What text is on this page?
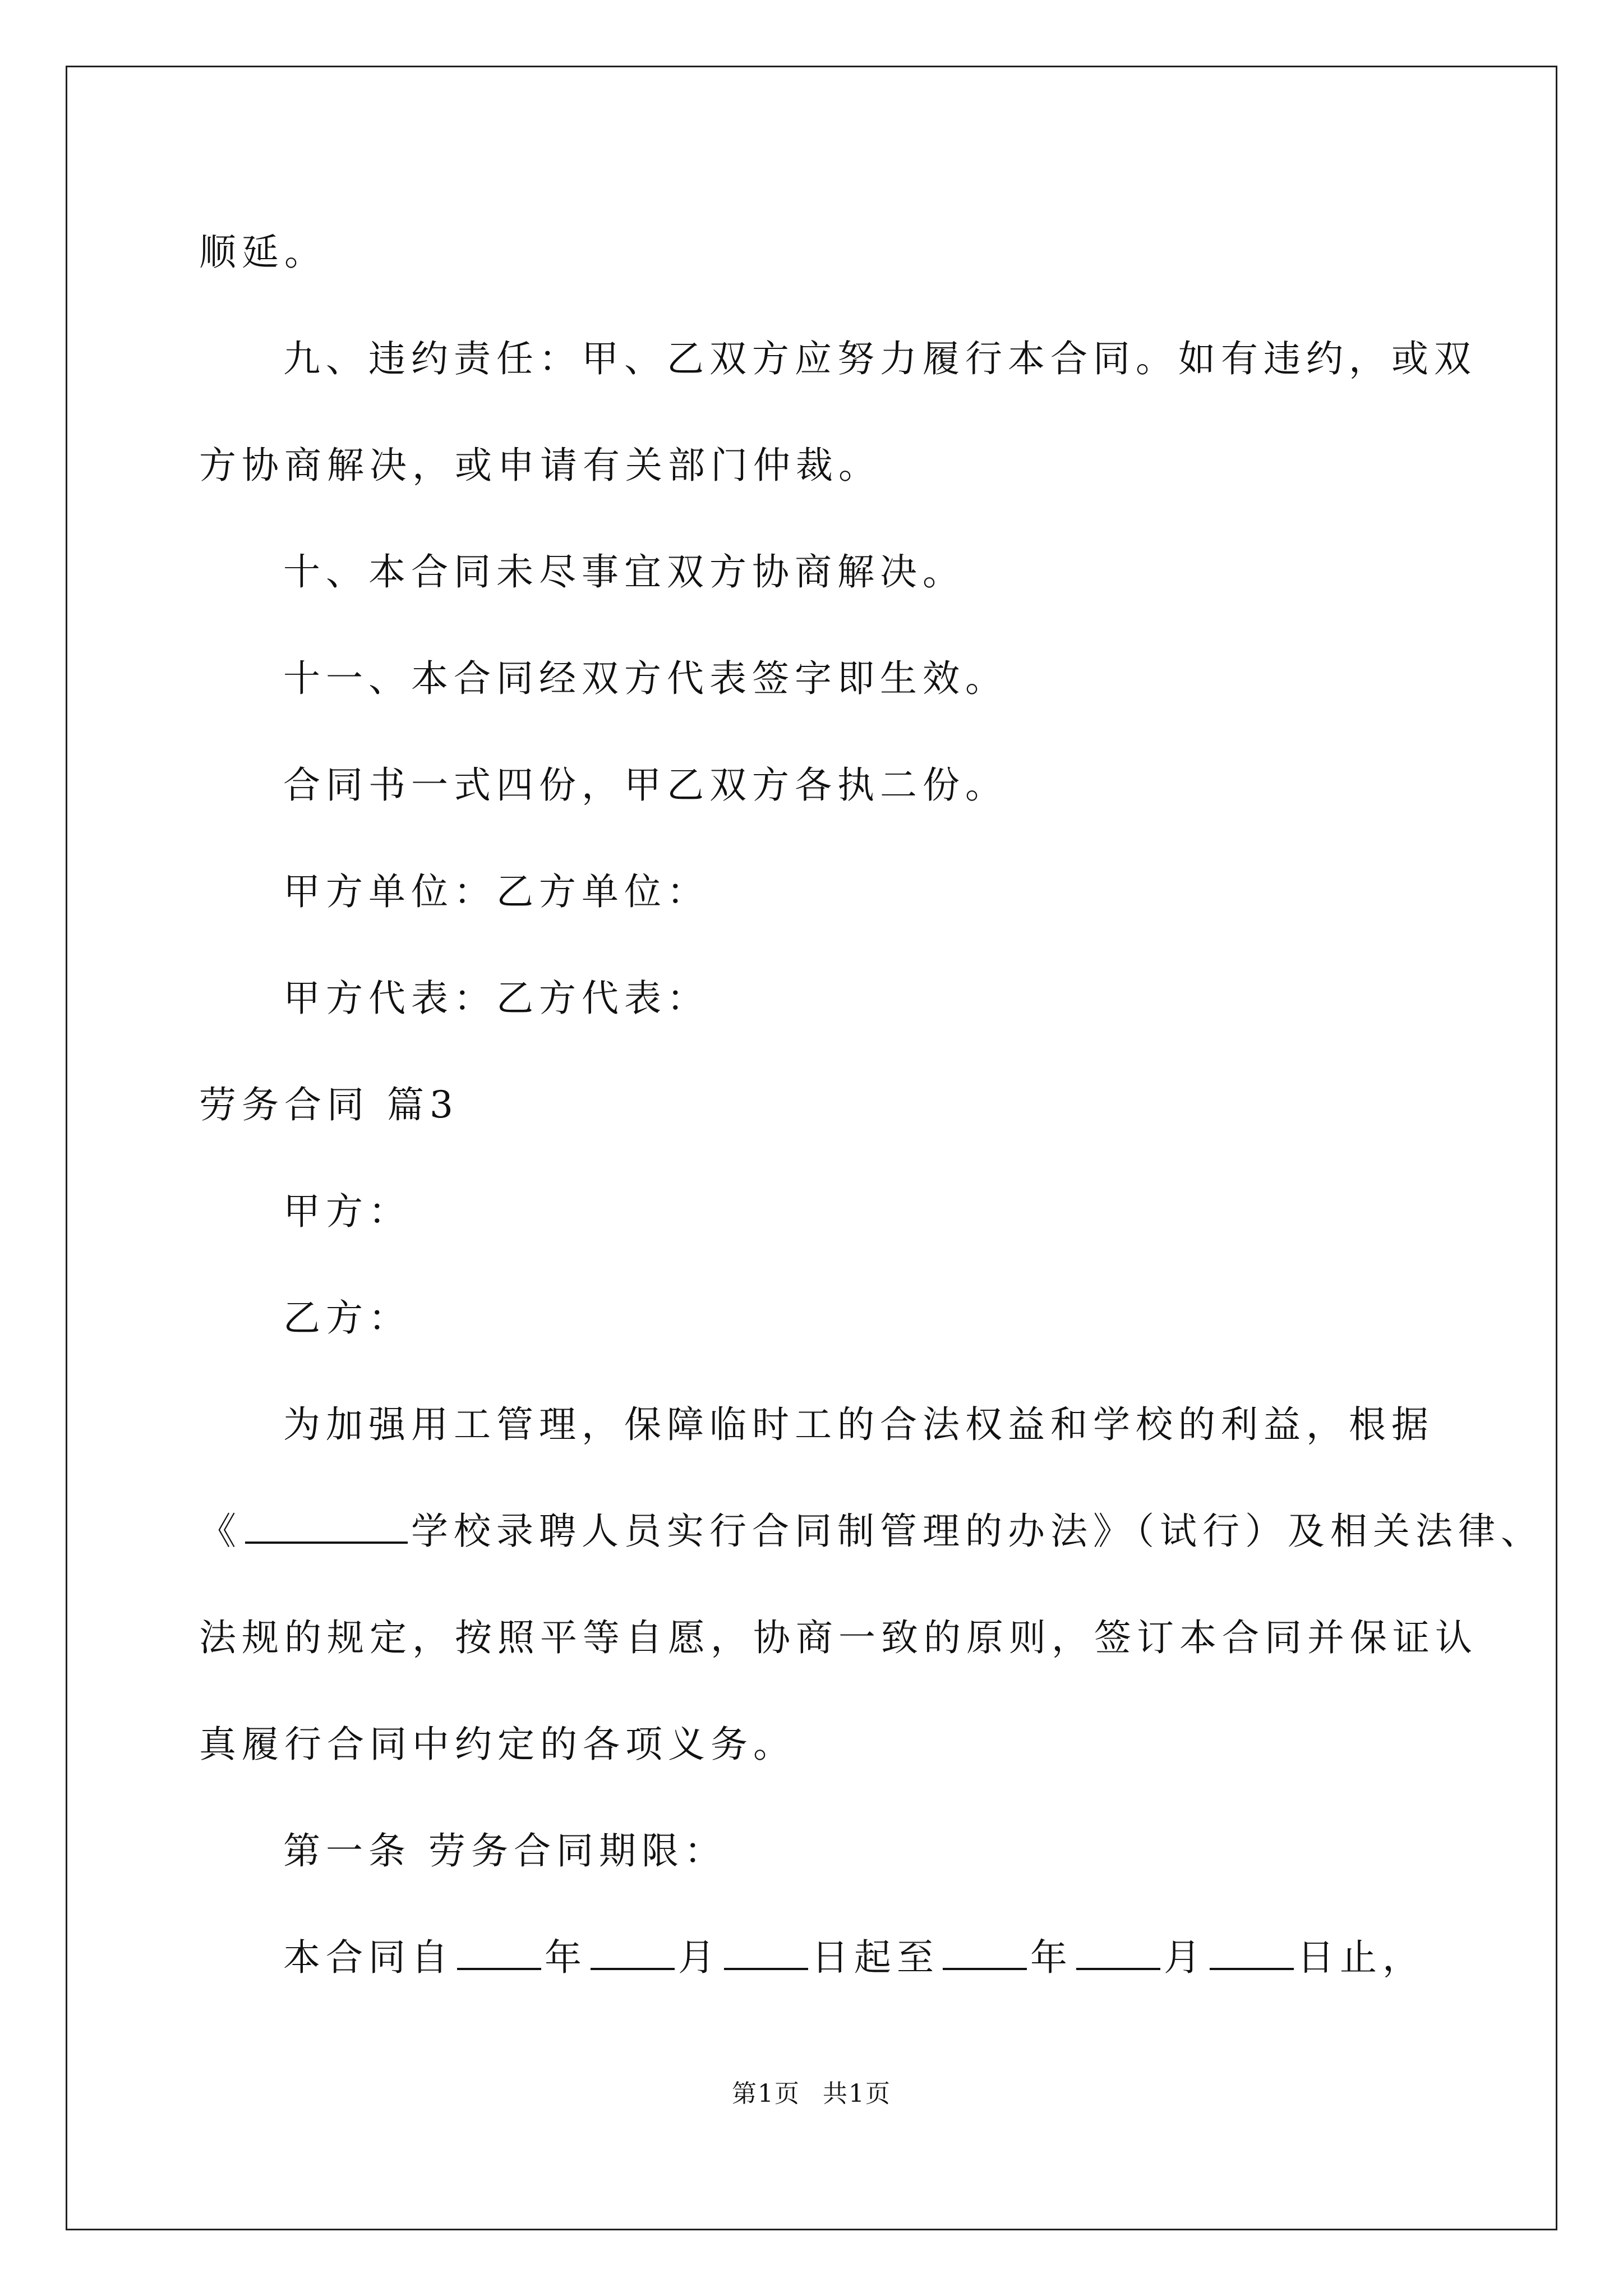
顺延。
九、违约责任：甲、乙双方应努力履行本合同。如有违约，或双
方协商解决，或申请有关部门仲裁。
十、本合同未尽事宜双方协商解决。
十一、本合同经双方代表签字即生效。
合同书一式四份，甲乙双方各执二份。
甲方单位：乙方单位：
甲方代表：乙方代表：
劳务合同 篇3
甲方：
乙方：
为加强用工管理，保障临时工的合法权益和学校的利益，根据
《	学校录聘人员实行合同制管理的办法》（试行）及相关法律、
法规的规定，按照平等自愿，协商一致的原则，签订本合同并保证认
真履行合同中约定的各项义务。
第一条 劳务合同期限：
本合同自 年 月 日起至 年 月 日止，
第1页 共1页
